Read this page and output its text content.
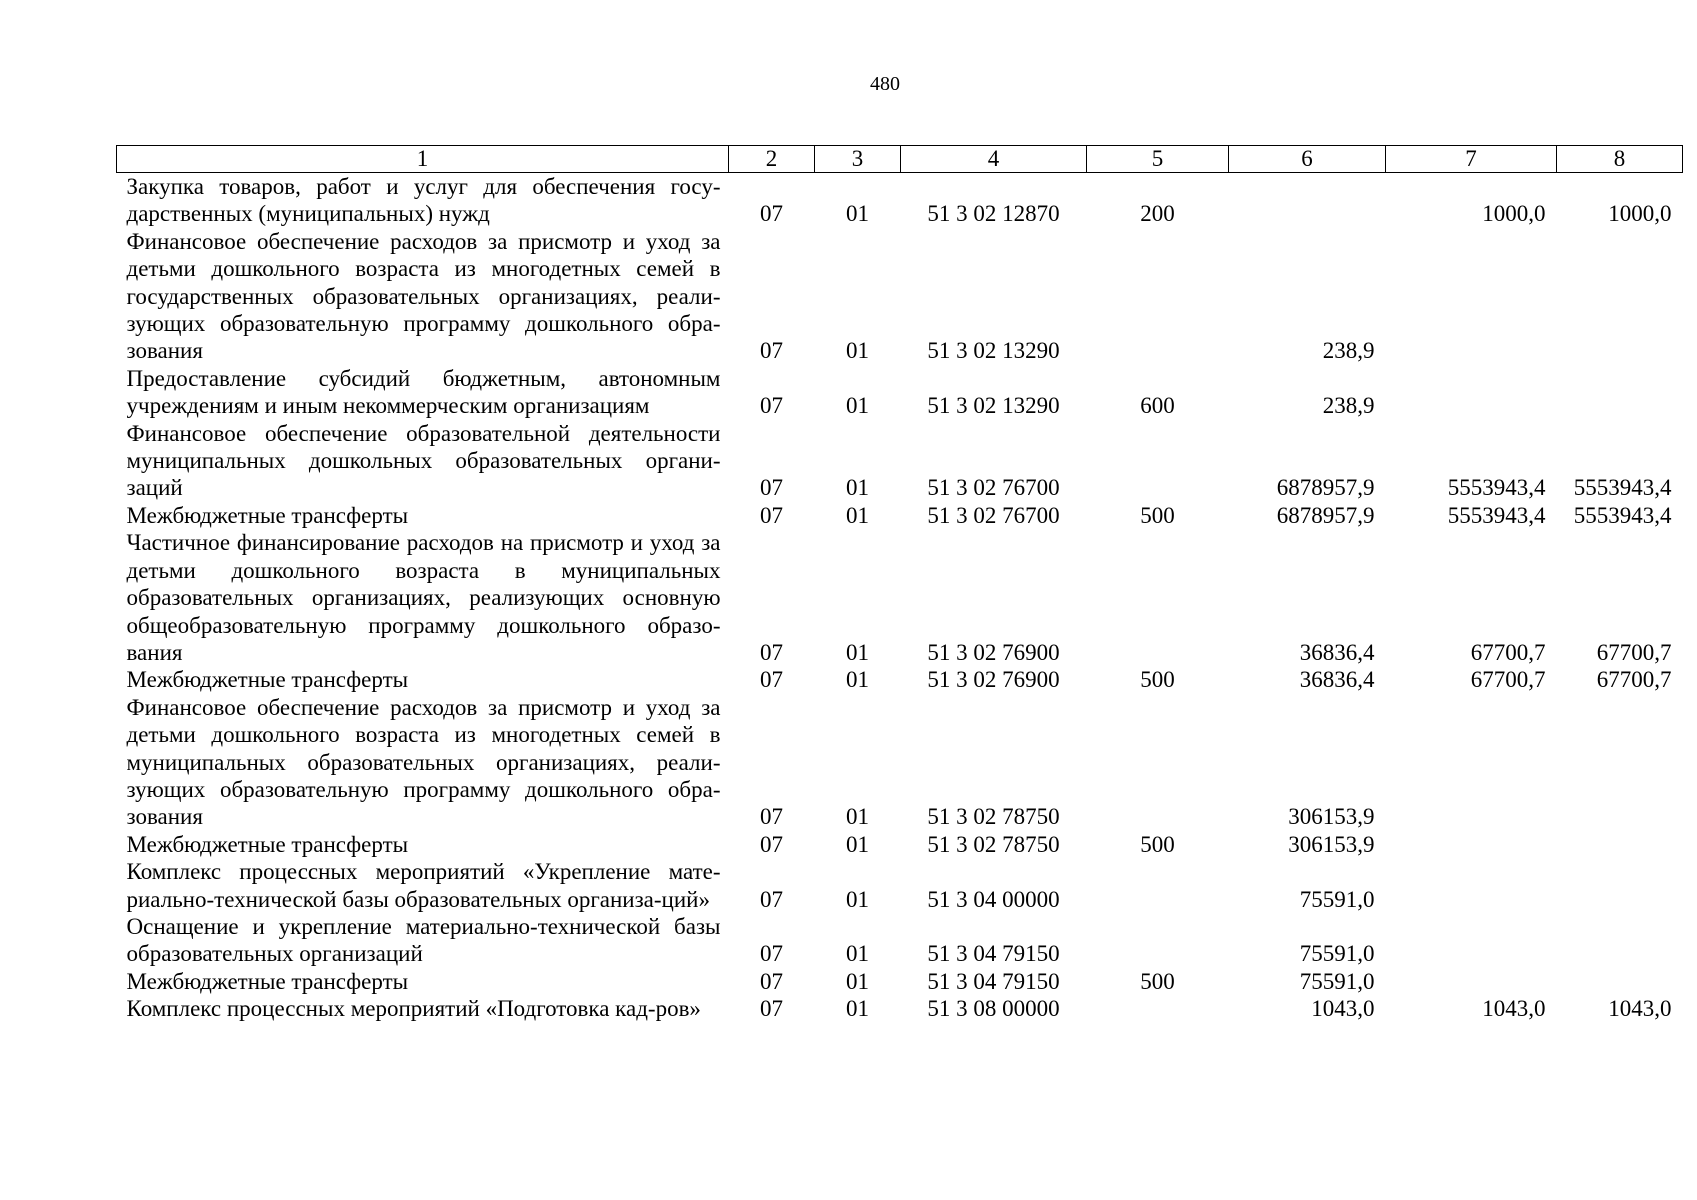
480
1	2	3	4	5	6	7	8
Закупка товаров, работ и услуг для обеспечения госу-дарственных (муниципальных) нужд	07	01	51 3 02 12870	200		1000,0	1000,0
Финансовое обеспечение расходов за присмотр и уход за детьми дошкольного возраста из многодетных семей в государственных образовательных организациях, реали-зующих образовательную программу дошкольного обра-зования	07	01	51 3 02 13290		238,9		
Предоставление субсидий бюджетным, автономным учреждениям и иным некоммерческим организациям	07	01	51 3 02 13290	600	238,9		
Финансовое обеспечение образовательной деятельности муниципальных дошкольных образовательных органи-заций	07	01	51 3 02 76700		6878957,9	5553943,4	5553943,4
Межбюджетные трансферты	07	01	51 3 02 76700	500	6878957,9	5553943,4	5553943,4
Частичное финансирование расходов на присмотр и уход за детьми дошкольного возраста в муниципальных образовательных организациях, реализующих основную общеобразовательную программу дошкольного образо-вания	07	01	51 3 02 76900		36836,4	67700,7	67700,7
Межбюджетные трансферты	07	01	51 3 02 76900	500	36836,4	67700,7	67700,7
Финансовое обеспечение расходов за присмотр и уход за детьми дошкольного возраста из многодетных семей в муниципальных образовательных организациях, реали-зующих образовательную программу дошкольного обра-зования	07	01	51 3 02 78750		306153,9		
Межбюджетные трансферты	07	01	51 3 02 78750	500	306153,9		
Комплекс процессных мероприятий «Укрепление мате-риально-технической базы образовательных организа-ций»	07	01	51 3 04 00000		75591,0		
Оснащение и укрепление материально-технической базы образовательных организаций	07	01	51 3 04 79150		75591,0		
Межбюджетные трансферты	07	01	51 3 04 79150	500	75591,0		
Комплекс процессных мероприятий «Подготовка кад-ров»	07	01	51 3 08 00000		1043,0	1043,0	1043,0
